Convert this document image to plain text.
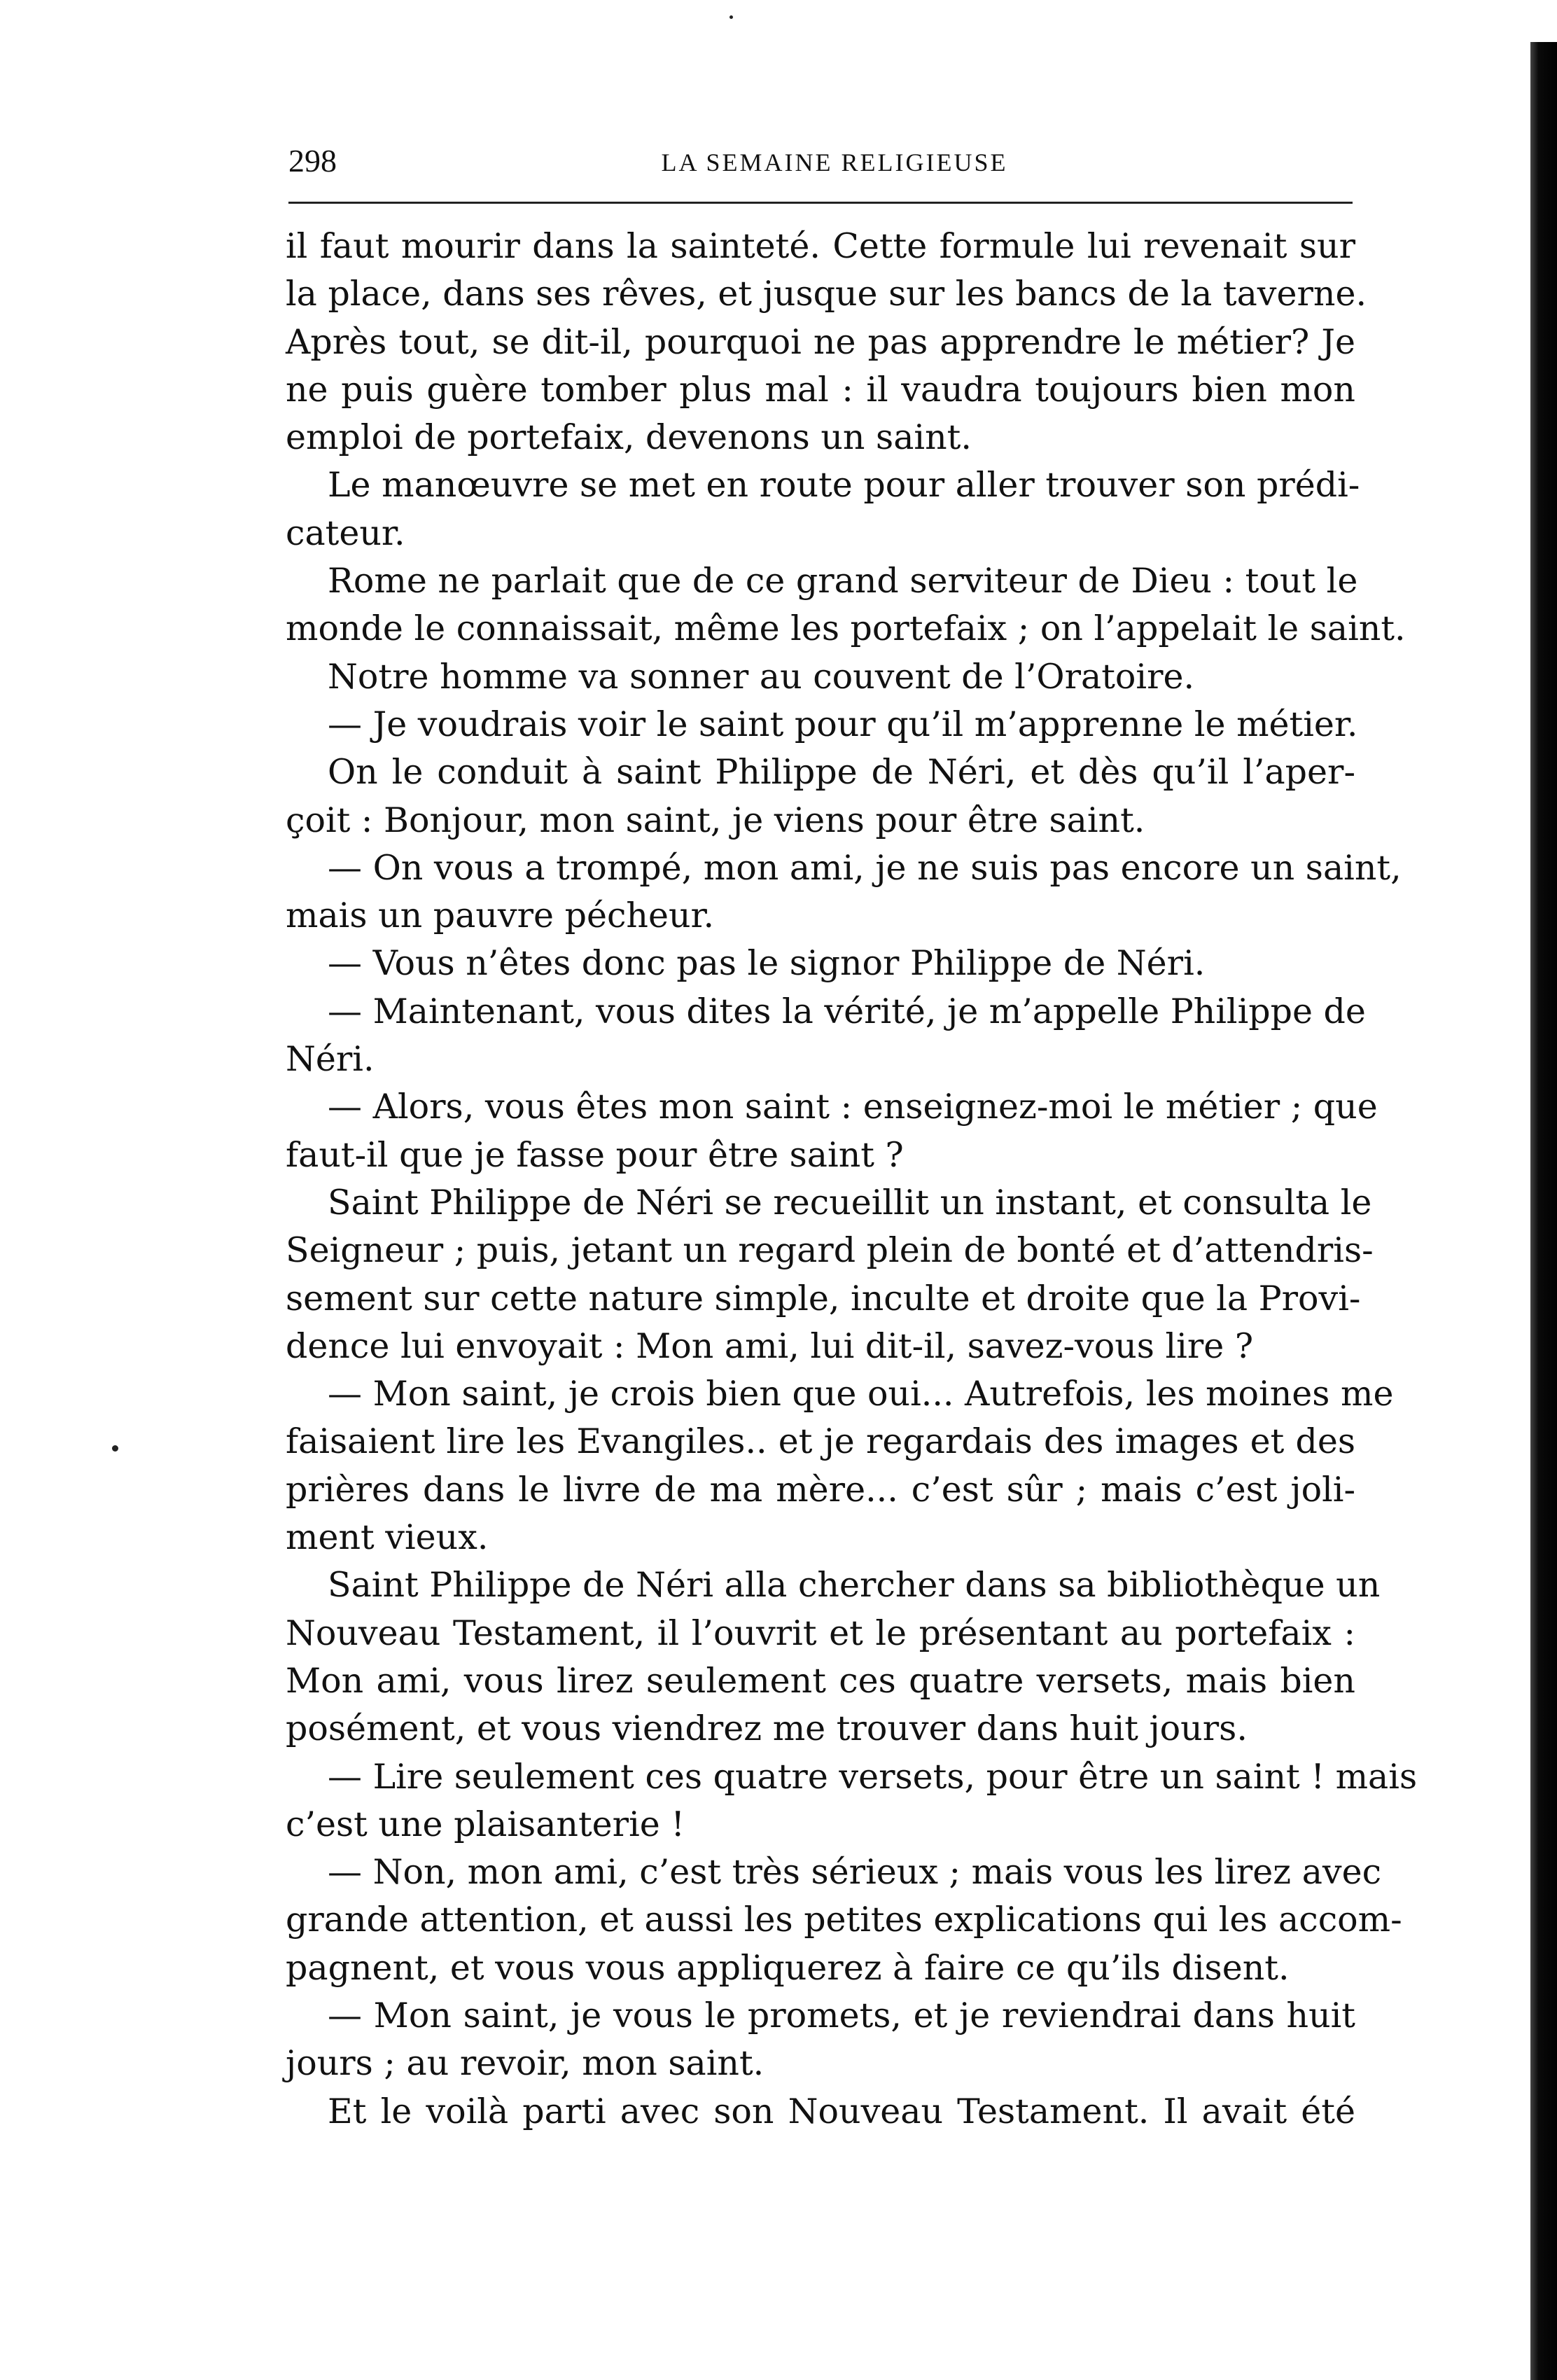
298	LA SEMAINE RELIGIEUSE
il faut mourir dans la sainteté. Cette formule lui revenait sur
la place, dans ses rêves, et jusque sur les bancs de la taverne.
Après tout, se dit-il, pourquoi ne pas apprendre le métier? Je
ne puis guère tomber plus mal : il vaudra toujours bien mon
emploi de portefaix, devenons un saint.
Le manœuvre se met en route pour aller trouver son prédi-
cateur.
Rome ne parlait que de ce grand serviteur de Dieu : tout le
monde le connaissait, même les portefaix ; on l’appelait le saint.
Notre homme va sonner au couvent de l’Oratoire.
— Je voudrais voir le saint pour qu’il m’apprenne le métier.
On le conduit à saint Philippe de Néri, et dès qu’il l’aper-
çoit : Bonjour, mon saint, je viens pour être saint.
— On vous a trompé, mon ami, je ne suis pas encore un saint,
mais un pauvre pécheur.
— Vous n’êtes donc pas le signor Philippe de Néri.
— Maintenant, vous dites la vérité, je m’appelle Philippe de
Néri.
— Alors, vous êtes mon saint : enseignez-moi le métier ; que
faut-il que je fasse pour être saint ?
Saint Philippe de Néri se recueillit un instant, et consulta le
Seigneur ; puis, jetant un regard plein de bonté et d’attendris-
sement sur cette nature simple, inculte et droite que la Provi-
dence lui envoyait : Mon ami, lui dit-il, savez-vous lire ?
— Mon saint, je crois bien que oui... Autrefois, les moines me
faisaient lire les Evangiles.. et je regardais des images et des
prières dans le livre de ma mère... c’est sûr ; mais c’est joli-
ment vieux.
Saint Philippe de Néri alla chercher dans sa bibliothèque un
Nouveau Testament, il l’ouvrit et le présentant au portefaix :
Mon ami, vous lirez seulement ces quatre versets, mais bien
posément, et vous viendrez me trouver dans huit jours.
— Lire seulement ces quatre versets, pour être un saint ! mais
c’est une plaisanterie !
— Non, mon ami, c’est très sérieux ; mais vous les lirez avec
grande attention, et aussi les petites explications qui les accom-
pagnent, et vous vous appliquerez à faire ce qu’ils disent.
— Mon saint, je vous le promets, et je reviendrai dans huit
jours ; au revoir, mon saint.
Et le voilà parti avec son Nouveau Testament. Il avait été
